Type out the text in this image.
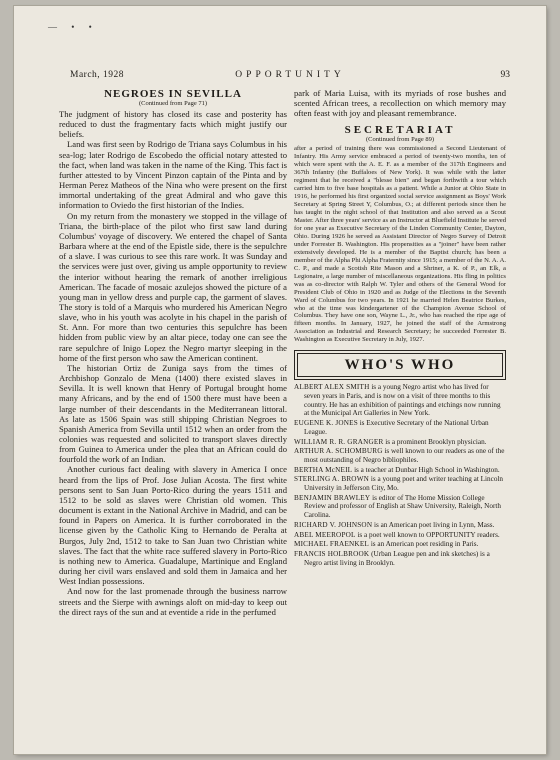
— • •
March, 1928	OPPORTUNITY	93
NEGROES IN SEVILLA
(Continued from Page 71)

The judgment of history has closed its case and posterity has reduced to dust the fragmentary facts which might justify our beliefs.

Land was first seen by Rodrigo de Triana says Columbus in his sea-log; later Rodrigo de Escobedo the official notary attested to the fact, when land was taken in the name of the King. This fact is further attested to by Vincent Pinzon captain of the Pinta and by Herman Perez Matheos of the Nina who were present on the first immortal undertaking of the great Admiral and who gave this information to Oviedo the first historian of the Indies.

On my return from the monastery we stopped in the village of Triana, the birth-place of the pilot who first saw land during Columbus' voyage of discovery. We entered the chapel of Santa Barbara where at the end of the Epistle side, there is the sepulchre of a slave. I was curious to see this rare work. It was Sunday and the services were just over, giving us ample opportunity to review the interior without hearing the remark of another irreligious American. The facade of mosaic azulejos showed the picture of a young man in yellow dress and purple cap, the garment of slaves. The story is told of a Marquis who murdered his American Negro slave, who in his youth was acolyte in his chapel in the parish of St. Ann. For more than two centuries this sepulchre has been hidden from public view by an altar piece, today one can see the rare sepulchre of Inigo Lopez the Negro martyr sleeping in the home of the first person who saw the American continent.

The historian Ortiz de Zuniga says from the times of Archbishop Gonzalo de Mena (1400) there existed slaves in Sevilla. It is well known that Henry of Portugal brought home many Africans, and by the end of 1500 there must have been a large number of their descendants in the Mediterranean littoral. As late as 1506 Spain was still shipping Christian Negroes to Spanish America from Sevilla until 1512 when an order from the colonies was requested and solicited to transport slaves directly from Guinea to America under the plea that an African could do fourfold the work of an Indian.

Another curious fact dealing with slavery in America I once heard from the lips of Prof. Jose Julian Acosta. The first white persons sent to San Juan Porto-Rico during the years 1511 and 1512 to be sold as slaves were Christian old women. This document is extant in the National Archive in Madrid, and can be found in Papers on America. It is further corroborated in the license given by the Catholic King to Hernando de Peralta at Burgos, July 2nd, 1512 to take to San Juan two Christian white slaves. The fact that the white race suffered slavery in Porto-Rico is nothing new to America. Guadalupe, Martinique and England during her civil wars enslaved and sold them in Jamaica and her West Indian possessions.

And now for the last promenade through the business narrow streets and the Sierpe with awnings aloft on mid-day to keep out the direct rays of the sun and at eventide a ride in the perfumed

park of Maria Luisa, with its myriads of rose bushes and scented African trees, a recollection on which memory may often feast with joy and pleasant remembrance.

SECRETARIAT
(Continued from Page 89)

after a period of training there was commissioned a Second Lieutenant of Infantry. His Army service embraced a period of twenty-two months, ten of which were spent with the A. E. F. as a member of the 317th Engineers and 367th Infantry (the Buffaloes of New York). It was while with the latter regiment that he received a "blesse bien" and began forthwith a tour which carried him to five base hospitals as a patient. While a Junior at Ohio State in 1916, he performed his first organized social service assignment as Boys' Work Secretary at Spring Street Y, Columbus, O.; at different periods since then he has taught in the night school of that Institution and also served as a Scout Master. After three years' service as an Instructor at Bluefield Institute he served for one year as Executive Secretary of the Linden Community Center, Dayton, Ohio. During 1926 he served as Assistant Director of Negro Survey of Detroit under Forrester B. Washington. His propensities as a "joiner" have been rather extensively developed. He is a member of the Baptist church; has been a member of the Alpha Phi Alpha Fraternity since 1915; a member of the N. A. A. C. P., and made a Scotish Rite Mason and a Shriner, a K. of P., an Elk, a Legionaire, a large number of miscellaneous organizations. His fling in politics was as co-director with Ralph W. Tyler and others of the General Wood for President Club of Ohio in 1920 and as Judge of the Elections in the Seventh Ward of Columbus for two years. In 1921 he married Helen Beatrice Burkes, who at the time was kindergartener of the Champion Avenue School of Columbus. They have one son, Wayne L., Jr., who has reached the ripe age of fifteen months. In January, 1927, he joined the staff of the Armstrong Association as Industrial and Research Secretary; he succeeded Forrester B. Washington as Executive Secretary in July, 1927.

WHO'S WHO
ALBERT ALEX SMITH is a young Negro artist who has lived for seven years in Paris, and is now on a visit of three months to this country. He has an exhibition of paintings and etchings now running at the Municipal Art Galleries in New York.
EUGENE K. JONES is Executive Secretary of the National Urban League.
WILLIAM R. R. GRANGER is a prominent Brooklyn physician.
ARTHUR A. SCHOMBURG is well known to our readers as one of the most outstanding of Negro bibliophiles.
BERTHA McNEIL is a teacher at Dunbar High School in Washington.
STERLING A. BROWN is a young poet and writer teaching at Lincoln University in Jefferson City, Mo.
BENJAMIN BRAWLEY is editor of The Home Mission College Review and professor of English at Shaw University, Raleigh, North Carolina.
RICHARD V. JOHNSON is an American poet living in Lynn, Mass.
ABEL MEEROPOL is a poet well known to OPPORTUNITY readers.
MICHAEL FRAENKEL is an American poet residing in Paris.
FRANCIS HOLBROOK (Urban League pen and ink sketches) is a Negro artist living in Brooklyn.
